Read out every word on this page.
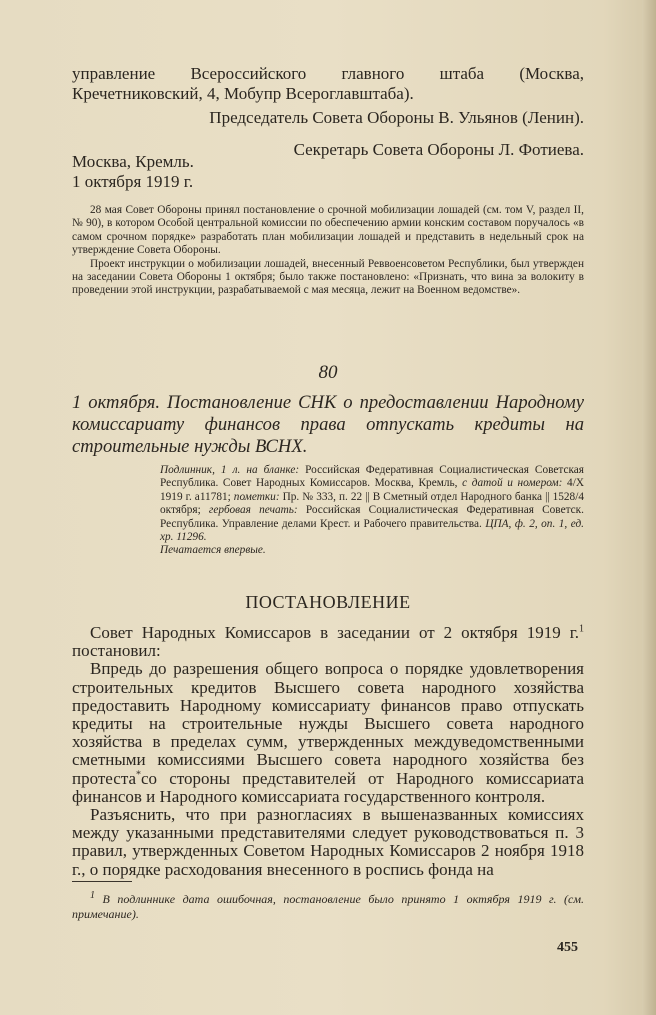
управление Всероссийского главного штаба (Москва, Кречетниковский, 4, Мобупр Всероглавштаба).

Председатель Совета Обороны В. Ульянов (Ленин).

Секретарь Совета Обороны Л. Фотиева.

Москва, Кремль.

1 октября 1919 г.

28 мая Совет Обороны принял постановление о срочной мобилизации лошадей (см. том V, раздел II, № 90), в котором Особой центральной комиссии по обеспечению армии конским составом поручалось «в самом срочном порядке» разработать план мобилизации лошадей и представить в недельный срок на утверждение Совета Обороны.

Проект инструкции о мобилизации лошадей, внесенный Реввоенсоветом Республики, был утвержден на заседании Совета Обороны 1 октября; было также постановлено: «Признать, что вина за волокиту в проведении этой инструкции, разрабатываемой с мая месяца, лежит на Военном ведомстве».

80

1 октября. Постановление СНК о предоставлении Народному комиссариату финансов права отпускать кредиты на строительные нужды ВСНХ.

Подлинник, 1 л. на бланке: Российская Федеративная Социалистическая Советская Республика. Совет Народных Комиссаров. Москва, Кремль, с датой и номером: 4/X 1919 г. а11781; пометки: Пр. № 333, п. 22 || В Сметный отдел Народного банка || 1528/4 октября; гербовая печать: Российская Социалистическая Федеративная Советск. Республика. Управление делами Крест. и Рабочего правительства. ЦПА, ф. 2, оп. 1, ед. хр. 11296.

Печатается впервые.

ПОСТАНОВЛЕНИЕ

Совет Народных Комиссаров в заседании от 2 октября 1919 г.$^1$ постановил:

Впредь до разрешения общего вопроса о порядке удовлетворения строительных кредитов Высшего совета народного хозяйства предоставить Народному комиссариату финансов право отпускать кредиты на строительные нужды Высшего совета народного хозяйства в пределах сумм, утвержденных междуведомственными сметными комиссиями Высшего совета народного хозяйства без протеста*со стороны представителей от Народного комиссариата финансов и Народного комиссариата государственного контроля.

Разъяснить, что при разногласиях в вышеназванных комиссиях между указанными представителями следует руководствоваться п. 3 правил, утвержденных Советом Народных Комиссаров 2 ноября 1918 г., о порядке расходования внесенного в роспись фонда на

$^1$ В подлиннике дата ошибочная, постановление было принято 1 октября 1919 г. (см. примечание).

455
